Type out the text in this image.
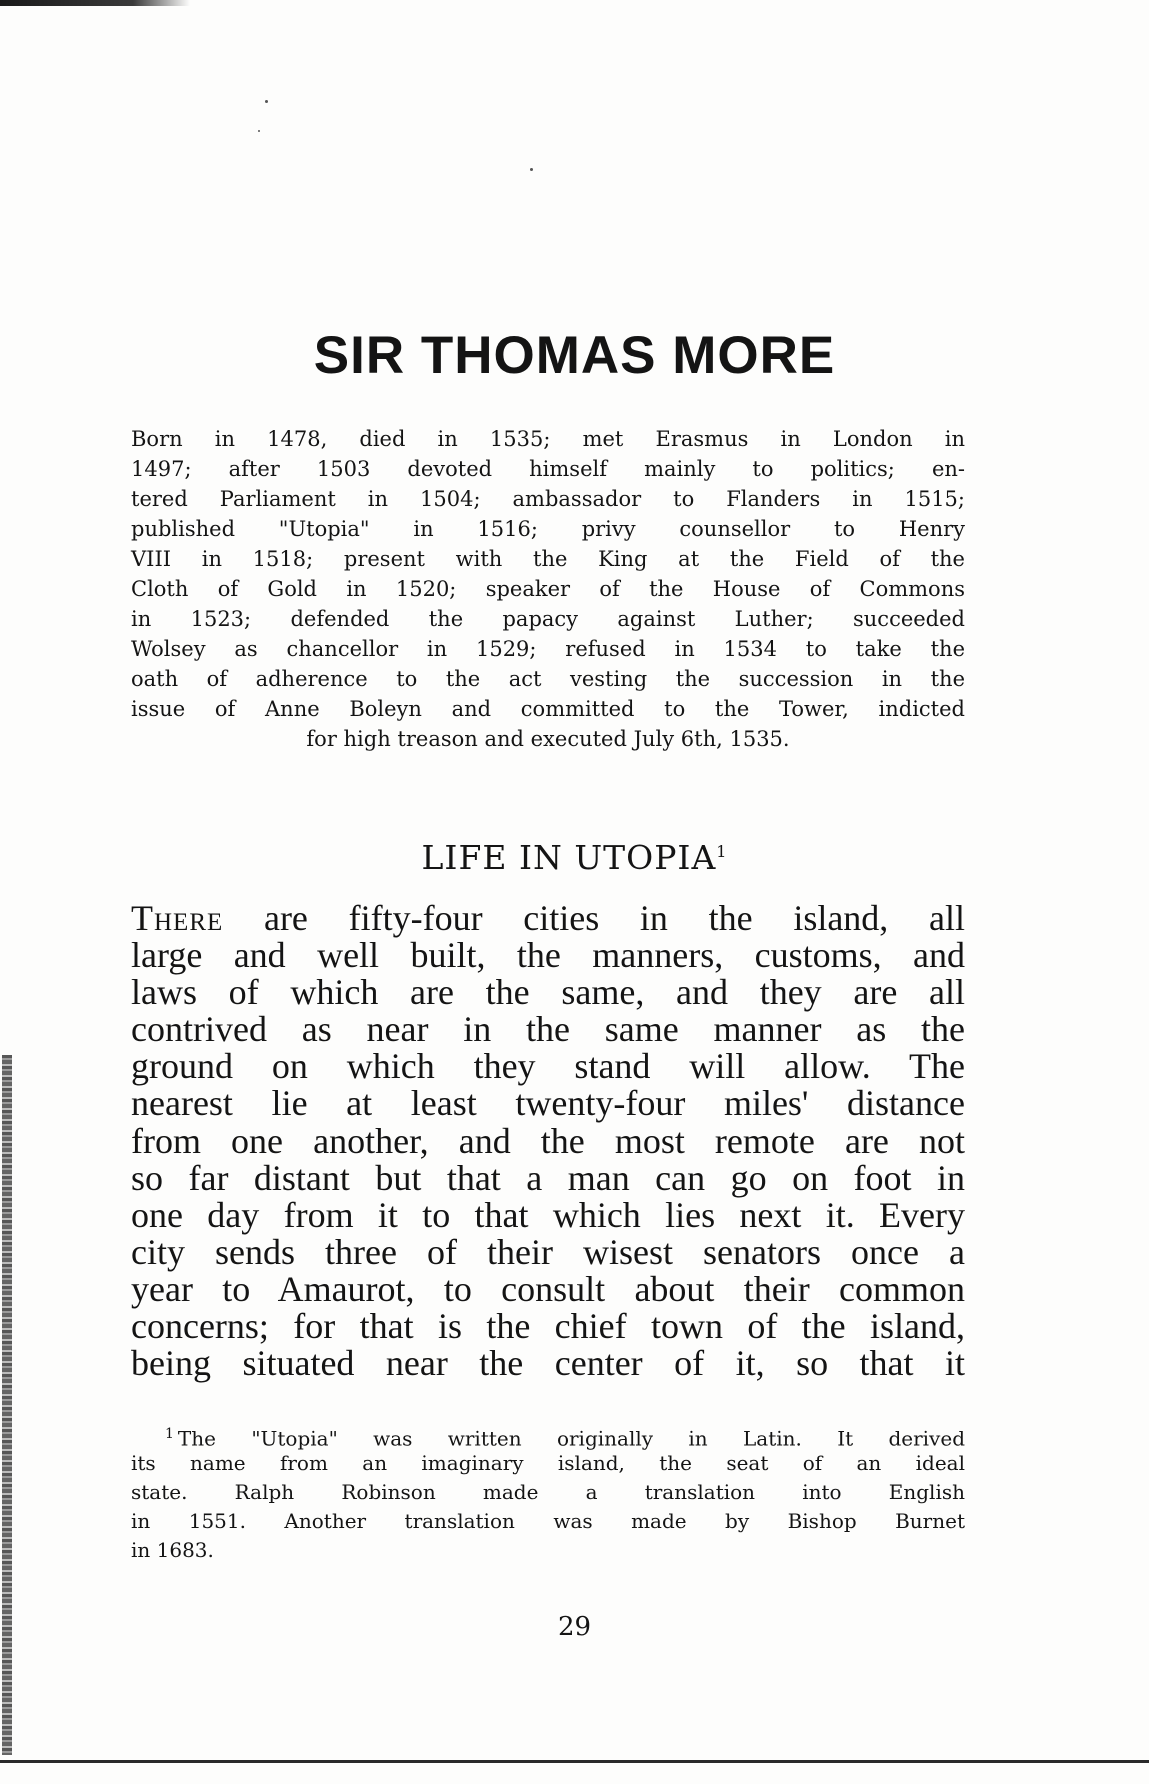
SIR THOMAS MORE
Born in 1478, died in 1535; met Erasmus in London in
1497; after 1503 devoted himself mainly to politics; en-
tered Parliament in 1504; ambassador to Flanders in 1515;
published "Utopia" in 1516; privy counsellor to Henry
VIII in 1518; present with the King at the Field of the
Cloth of Gold in 1520; speaker of the House of Commons
in 1523; defended the papacy against Luther; succeeded
Wolsey as chancellor in 1529; refused in 1534 to take the
oath of adherence to the act vesting the succession in the
issue of Anne Boleyn and committed to the Tower, indicted
for high treason and executed July 6th, 1535.
LIFE IN UTOPIA$^1$
There are fifty-four cities in the island, all
large and well built, the manners, customs, and
laws of which are the same, and they are all
contrived as near in the same manner as the
ground on which they stand will allow. The
nearest lie at least twenty-four miles' distance
from one another, and the most remote are not
so far distant but that a man can go on foot in
one day from it to that which lies next it. Every
city sends three of their wisest senators once a
year to Amaurot, to consult about their common
concerns; for that is the chief town of the island,
being situated near the center of it, so that it
$^1$ The "Utopia" was written originally in Latin. It derived
its name from an imaginary island, the seat of an ideal
state. Ralph Robinson made a translation into English
in 1551. Another translation was made by Bishop Burnet
in 1683.
29
